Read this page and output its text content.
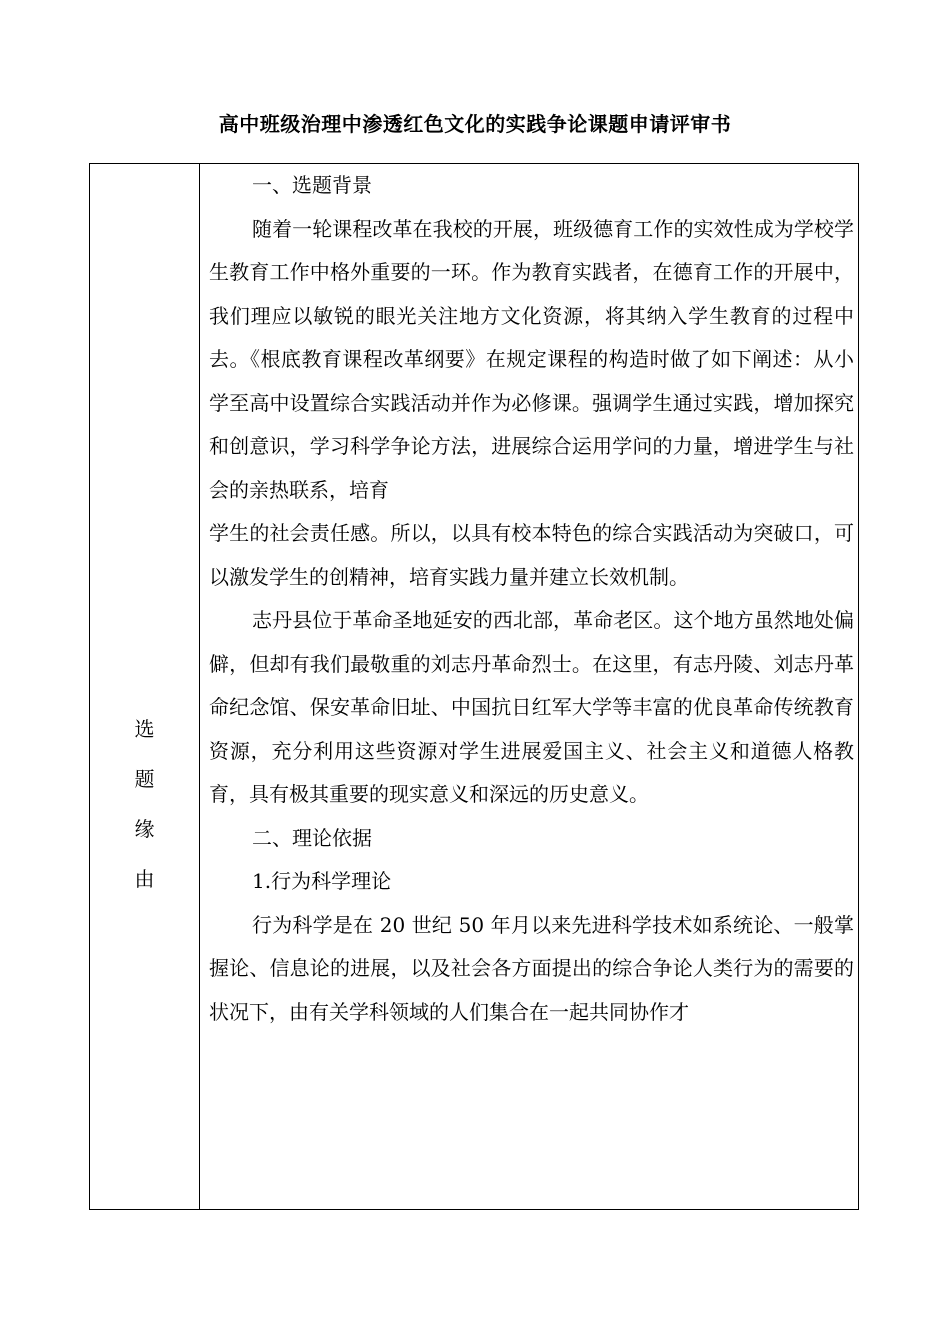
高中班级治理中渗透红色文化的实践争论课题申请评审书
选
题
缘
由

一、选题背景

随着一轮课程改革在我校的开展，班级德育工作的实效性成为学校学生教育工作中格外重要的一环。作为教育实践者，在德育工作的开展中，我们理应以敏锐的眼光关注地方文化资源，将其纳入学生教育的过程中去。《根底教育课程改革纲要》在规定课程的构造时做了如下阐述：从小学至高中设置综合实践活动并作为必修课。强调学生通过实践，增加探究和创意识，学习科学争论方法，进展综合运用学问的力量，增进学生与社会的亲热联系，培育

学生的社会责任感。所以，以具有校本特色的综合实践活动为突破口，可以激发学生的创精神，培育实践力量并建立长效机制。

志丹县位于革命圣地延安的西北部，革命老区。这个地方虽然地处偏僻，但却有我们最敬重的刘志丹革命烈士。在这里，有志丹陵、刘志丹革命纪念馆、保安革命旧址、中国抗日红军大学等丰富的优良革命传统教育资源，充分利用这些资源对学生进展爱国主义、社会主义和道德人格教育，具有极其重要的现实意义和深远的历史意义。

二、理论依据

1.行为科学理论

行为科学是在 20 世纪 50 年月以来先进科学技术如系统论、一般掌握论、信息论的进展，以及社会各方面提出的综合争论人类行为的需要的状况下，由有关学科领域的人们集合在一起共同协作才
